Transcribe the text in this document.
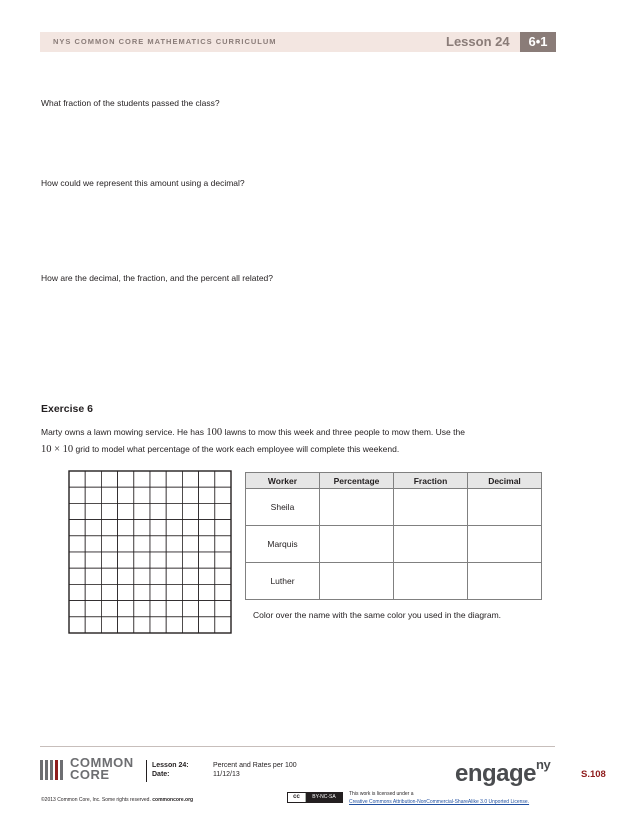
NYS COMMON CORE MATHEMATICS CURRICULUM	Lesson 24	6•1
What fraction of the students passed the class?
How could we represent this amount using a decimal?
How are the decimal, the fraction, and the percent all related?
Exercise 6
Marty owns a lawn mowing service. He has 100 lawns to mow this week and three people to mow them. Use the
10 × 10 grid to model what percentage of the work each employee will complete this weekend.
Worker	Percentage	Fraction	Decimal
Sheila			
Marquis			
Luther			
Color over the name with the same color you used in the diagram.
COMMON
CORE
Lesson 24:
Date:
Percent and Rates per 100
11/12/13	engage$^{ny}$
S.108
©2013 Common Core, Inc. Some rights reserved. commoncore.org	cc	BY-NC-SA	This work is licensed under a
Creative Commons Attribution-NonCommercial-ShareAlike 3.0 Unported License.
